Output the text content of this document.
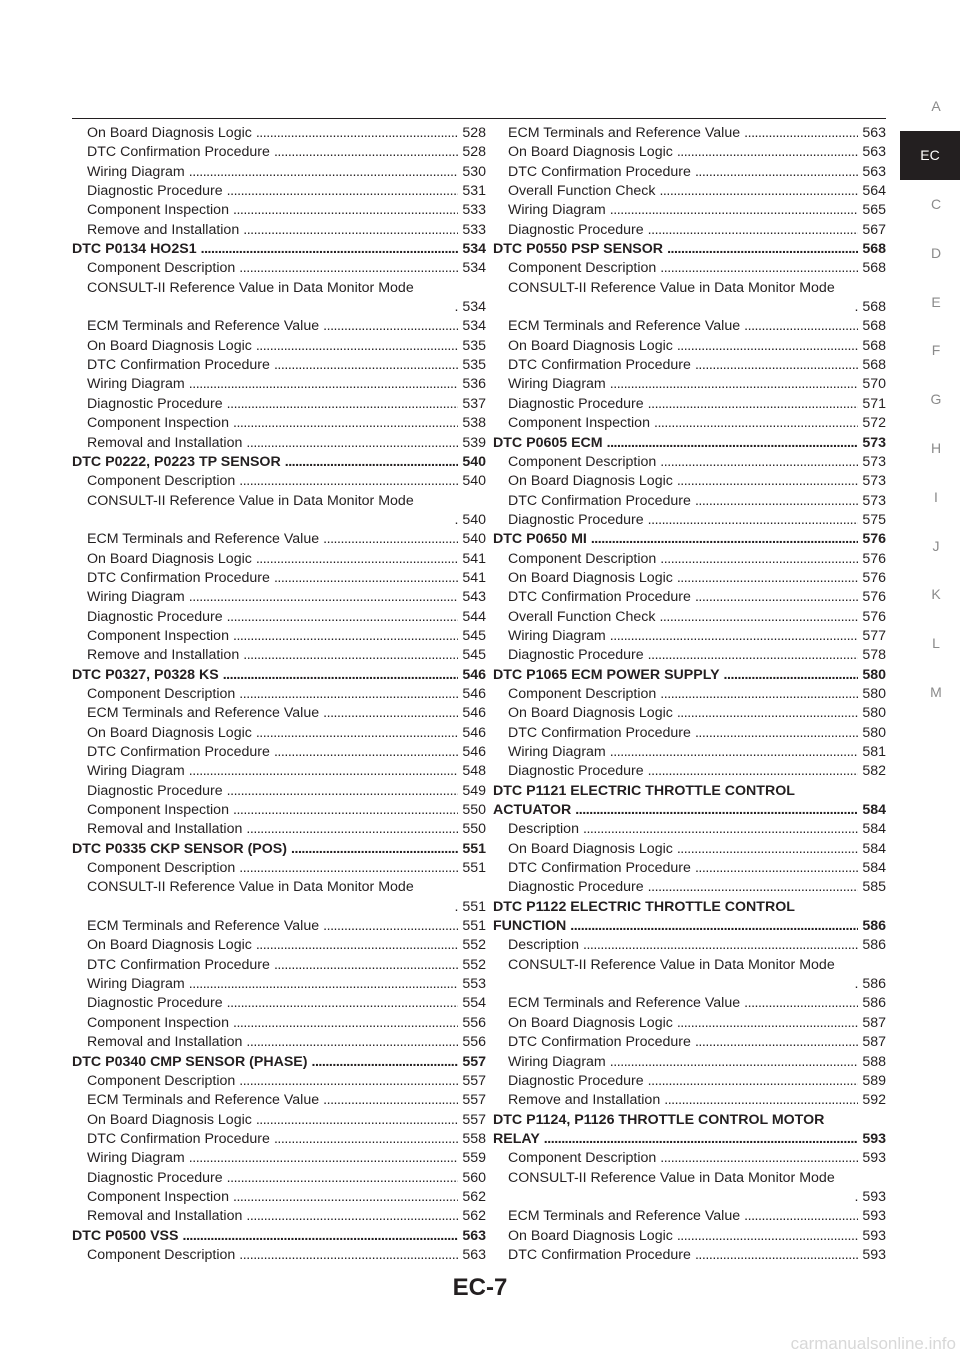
On Board Diagnosis Logic . . .	528
DTC Confirmation Procedure . . .	528
Wiring Diagram . . .	530
Diagnostic Procedure . . .	531
Component Inspection . . .	533
Remove and Installation . . .	533
DTC P0134 HO2S1 . . .	534
Component Description . . .	534
CONSULT-II Reference Value in Data Monitor Mode
. 534
ECM Terminals and Reference Value . . .	534
On Board Diagnosis Logic . . .	535
DTC Confirmation Procedure . . .	535
Wiring Diagram . . .	536
Diagnostic Procedure . . .	537
Component Inspection . . .	538
Removal and Installation . . .	539
DTC P0222, P0223 TP SENSOR . . .	540
Component Description . . .	540
CONSULT-II Reference Value in Data Monitor Mode
. 540
ECM Terminals and Reference Value . . .	540
On Board Diagnosis Logic . . .	541
DTC Confirmation Procedure . . .	541
Wiring Diagram . . .	543
Diagnostic Procedure . . .	544
Component Inspection . . .	545
Remove and Installation . . .	545
DTC P0327, P0328 KS . . .	546
Component Description . . .	546
ECM Terminals and Reference Value . . .	546
On Board Diagnosis Logic . . .	546
DTC Confirmation Procedure . . .	546
Wiring Diagram . . .	548
Diagnostic Procedure . . .	549
Component Inspection . . .	550
Removal and Installation . . .	550
DTC P0335 CKP SENSOR (POS) . . .	551
Component Description . . .	551
CONSULT-II Reference Value in Data Monitor Mode
. 551
ECM Terminals and Reference Value . . .	551
On Board Diagnosis Logic . . .	552
DTC Confirmation Procedure . . .	552
Wiring Diagram . . .	553
Diagnostic Procedure . . .	554
Component Inspection . . .	556
Removal and Installation . . .	556
DTC P0340 CMP SENSOR (PHASE) . . .	557
Component Description . . .	557
ECM Terminals and Reference Value . . .	557
On Board Diagnosis Logic . . .	557
DTC Confirmation Procedure . . .	558
Wiring Diagram . . .	559
Diagnostic Procedure . . .	560
Component Inspection . . .	562
Removal and Installation . . .	562
DTC P0500 VSS . . .	563
Component Description . . .	563
ECM Terminals and Reference Value . . .	563
On Board Diagnosis Logic . . .	563
DTC Confirmation Procedure . . .	563
Overall Function Check . . .	564
Wiring Diagram . . .	565
Diagnostic Procedure . . .	567
DTC P0550 PSP SENSOR . . .	568
Component Description . . .	568
CONSULT-II Reference Value in Data Monitor Mode
. 568
ECM Terminals and Reference Value . . .	568
On Board Diagnosis Logic . . .	568
DTC Confirmation Procedure . . .	568
Wiring Diagram . . .	570
Diagnostic Procedure . . .	571
Component Inspection . . .	572
DTC P0605 ECM . . .	573
Component Description . . .	573
On Board Diagnosis Logic . . .	573
DTC Confirmation Procedure . . .	573
Diagnostic Procedure . . .	575
DTC P0650 MI . . .	576
Component Description . . .	576
On Board Diagnosis Logic . . .	576
DTC Confirmation Procedure . . .	576
Overall Function Check . . .	576
Wiring Diagram . . .	577
Diagnostic Procedure . . .	578
DTC P1065 ECM POWER SUPPLY . . .	580
Component Description . . .	580
On Board Diagnosis Logic . . .	580
DTC Confirmation Procedure . . .	580
Wiring Diagram . . .	581
Diagnostic Procedure . . .	582
DTC P1121 ELECTRIC THROTTLE CONTROL
ACTUATOR . . .	584
Description . . .	584
On Board Diagnosis Logic . . .	584
DTC Confirmation Procedure . . .	584
Diagnostic Procedure . . .	585
DTC P1122 ELECTRIC THROTTLE CONTROL
FUNCTION . . .	586
Description . . .	586
CONSULT-II Reference Value in Data Monitor Mode
. 586
ECM Terminals and Reference Value . . .	586
On Board Diagnosis Logic . . .	587
DTC Confirmation Procedure . . .	587
Wiring Diagram . . .	588
Diagnostic Procedure . . .	589
Remove and Installation . . .	592
DTC P1124, P1126 THROTTLE CONTROL MOTOR
RELAY . . .	593
Component Description . . .	593
CONSULT-II Reference Value in Data Monitor Mode
. 593
ECM Terminals and Reference Value . . .	593
On Board Diagnosis Logic . . .	593
DTC Confirmation Procedure . . .	593
A
EC
C
D
E
F
G
H
I
J
K
L
M
EC-7
carmanualsonline.info
